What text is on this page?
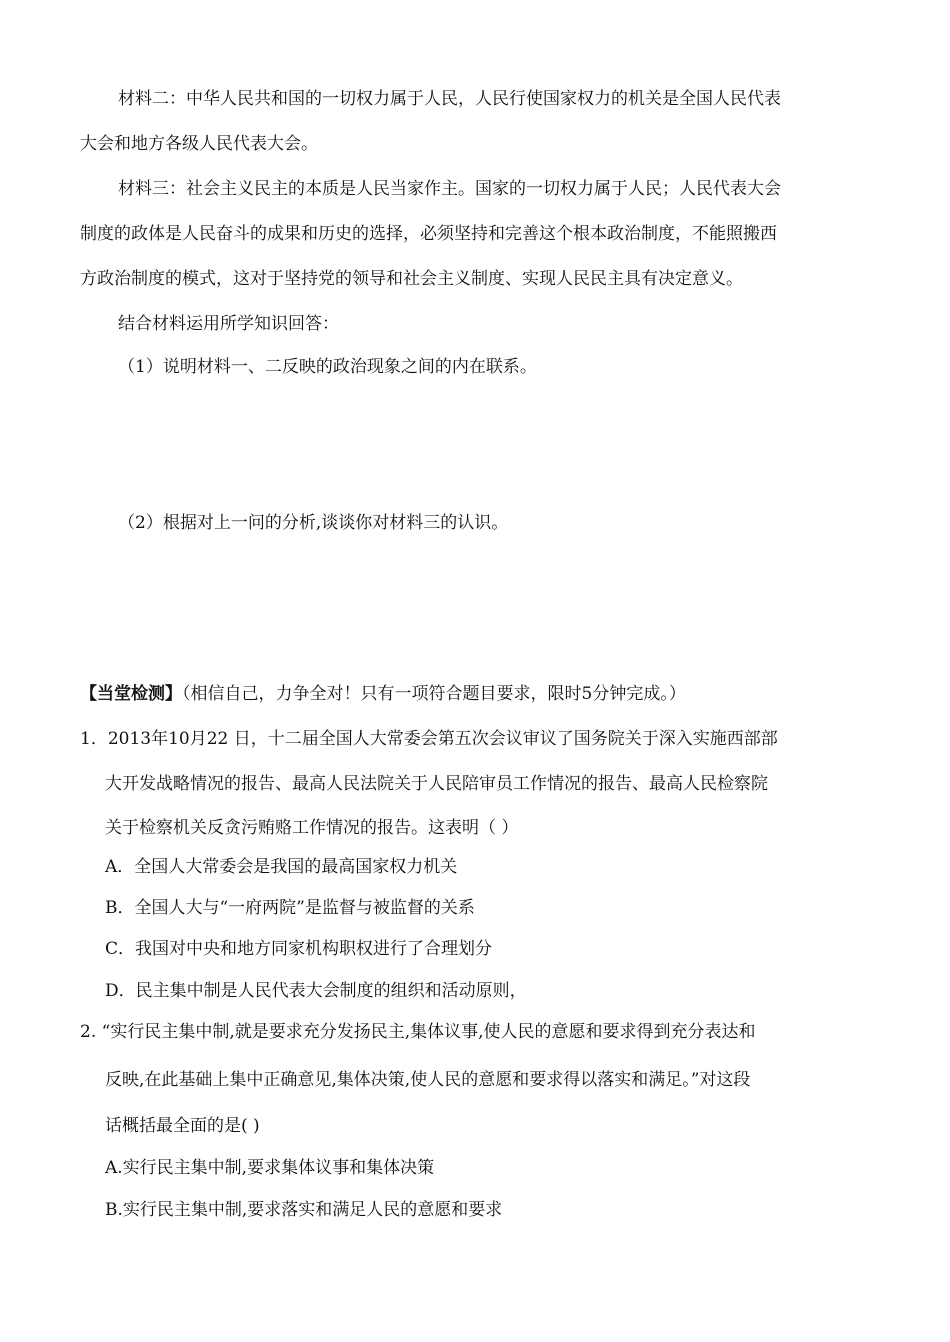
材料二：中华人民共和国的一切权力属于人民，人民行使国家权力的机关是全国人民代表
大会和地方各级人民代表大会。
材料三：社会主义民主的本质是人民当家作主。国家的一切权力属于人民；人民代表大会
制度的政体是人民奋斗的成果和历史的选择，必须坚持和完善这个根本政治制度，不能照搬西
方政治制度的模式，这对于坚持党的领导和社会主义制度、实现人民民主具有决定意义。
结合材料运用所学知识回答：
（1）说明材料一、二反映的政治现象之间的内在联系。
（2）根据对上一问的分析,谈谈你对材料三的认识。
【当堂检测】（相信自己，力争全对！只有一项符合题目要求，限时5分钟完成。）
1．2013年10月22 日，十二届全国人大常委会第五次会议审议了国务院关于深入实施西部部
大开发战略情况的报告、最高人民法院关于人民陪审员工作情况的报告、最高人民检察院
关于检察机关反贪污贿赂工作情况的报告。这表明（ ）
A．全国人大常委会是我国的最高国家权力机关
B．全国人大与“一府两院”是监督与被监督的关系
C．我国对中央和地方同家机构职权进行了合理划分
D．民主集中制是人民代表大会制度的组织和活动原则，
2. “实行民主集中制,就是要求充分发扬民主,集体议事,使人民的意愿和要求得到充分表达和
反映,在此基础上集中正确意见,集体决策,使人民的意愿和要求得以落实和满足。”对这段
话概括最全面的是( )
A.实行民主集中制,要求集体议事和集体决策
B.实行民主集中制,要求落实和满足人民的意愿和要求
